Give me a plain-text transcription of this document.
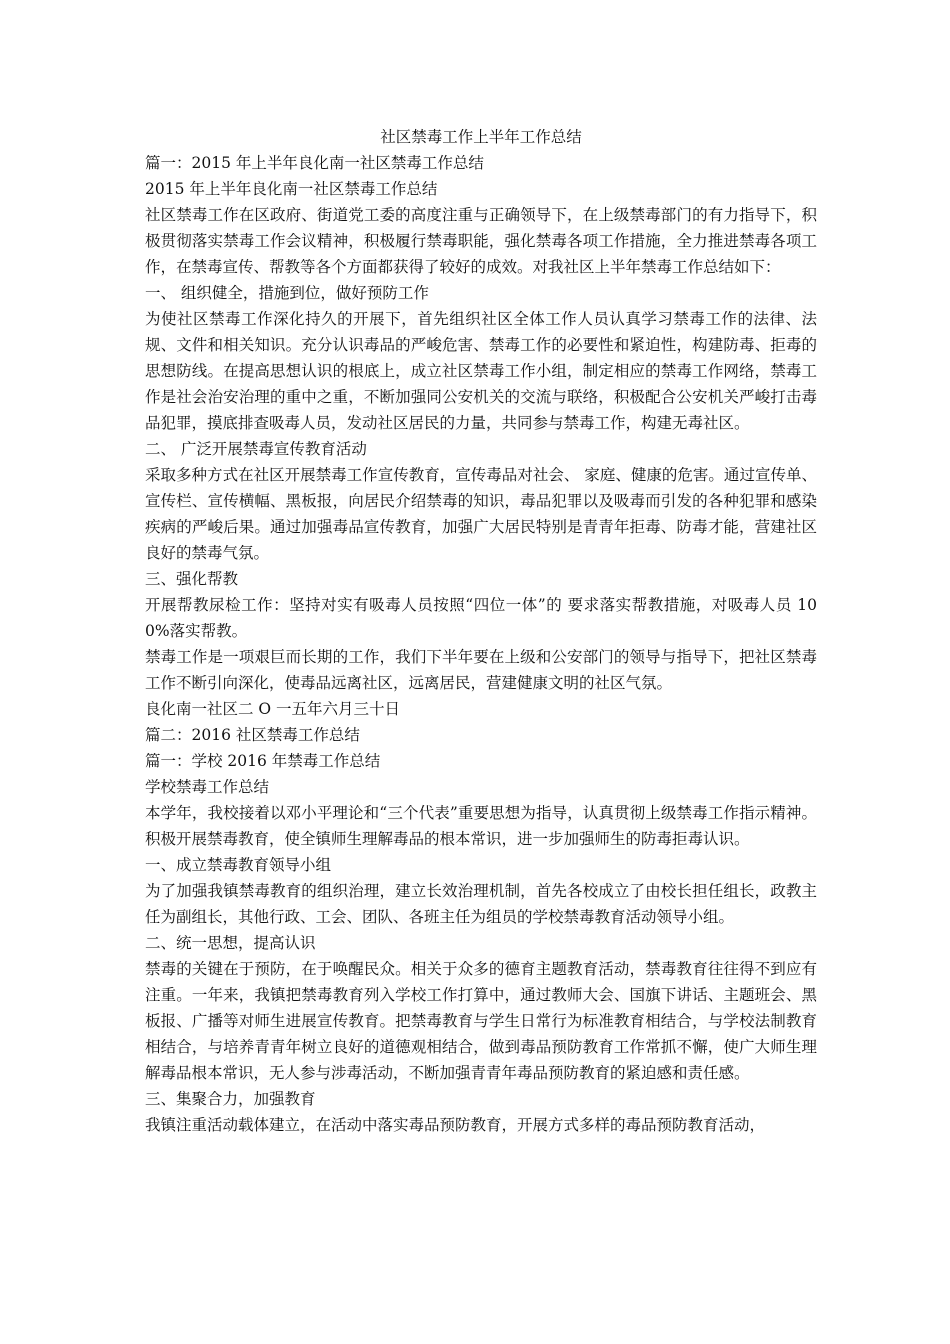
社区禁毒工作上半年工作总结

篇一：2015 年上半年良化南一社区禁毒工作总结

2015 年上半年良化南一社区禁毒工作总结

社区禁毒工作在区政府、街道党工委的高度注重与正确领导下，在上级禁毒部门的有力指导下，积极贯彻落实禁毒工作会议精神，积极履行禁毒职能，强化禁毒各项工作措施，全力推进禁毒各项工作，在禁毒宣传、帮教等各个方面都获得了较好的成效。对我社区上半年禁毒工作总结如下：

一、 组织健全，措施到位，做好预防工作

为使社区禁毒工作深化持久的开展下，首先组织社区全体工作人员认真学习禁毒工作的法律、法规、文件和相关知识。充分认识毒品的严峻危害、禁毒工作的必要性和紧迫性，构建防毒、拒毒的思想防线。在提高思想认识的根底上，成立社区禁毒工作小组，制定相应的禁毒工作网络，禁毒工作是社会治安治理的重中之重，不断加强同公安机关的交流与联络，积极配合公安机关严峻打击毒品犯罪，摸底排查吸毒人员，发动社区居民的力量，共同参与禁毒工作，构建无毒社区。

二、 广泛开展禁毒宣传教育活动

采取多种方式在社区开展禁毒工作宣传教育，宣传毒品对社会、 家庭、健康的危害。通过宣传单、宣传栏、宣传横幅、黑板报，向居民介绍禁毒的知识，毒品犯罪以及吸毒而引发的各种犯罪和感染疾病的严峻后果。通过加强毒品宣传教育，加强广大居民特别是青青年拒毒、防毒才能，营建社区良好的禁毒气氛。

三、强化帮教

开展帮教尿检工作：坚持对实有吸毒人员按照“四位一体”的 要求落实帮教措施，对吸毒人员 100%落实帮教。

禁毒工作是一项艰巨而长期的工作，我们下半年要在上级和公安部门的领导与指导下，把社区禁毒工作不断引向深化，使毒品远离社区，远离居民，营建健康文明的社区气氛。

良化南一社区二 O 一五年六月三十日

篇二：2016 社区禁毒工作总结

篇一：学校 2016 年禁毒工作总结

学校禁毒工作总结

本学年，我校接着以邓小平理论和“三个代表”重要思想为指导，认真贯彻上级禁毒工作指示精神。积极开展禁毒教育，使全镇师生理解毒品的根本常识，进一步加强师生的防毒拒毒认识。

一、成立禁毒教育领导小组

为了加强我镇禁毒教育的组织治理，建立长效治理机制，首先各校成立了由校长担任组长，政教主任为副组长，其他行政、工会、团队、各班主任为组员的学校禁毒教育活动领导小组。

二、统一思想，提高认识

禁毒的关键在于预防，在于唤醒民众。相关于众多的德育主题教育活动，禁毒教育往往得不到应有注重。一年来，我镇把禁毒教育列入学校工作打算中，通过教师大会、国旗下讲话、主题班会、黑板报、广播等对师生进展宣传教育。把禁毒教育与学生日常行为标准教育相结合，与学校法制教育相结合，与培养青青年树立良好的道德观相结合，做到毒品预防教育工作常抓不懈，使广大师生理解毒品根本常识，无人参与涉毒活动，不断加强青青年毒品预防教育的紧迫感和责任感。

三、集聚合力，加强教育

我镇注重活动载体建立，在活动中落实毒品预防教育，开展方式多样的毒品预防教育活动，
